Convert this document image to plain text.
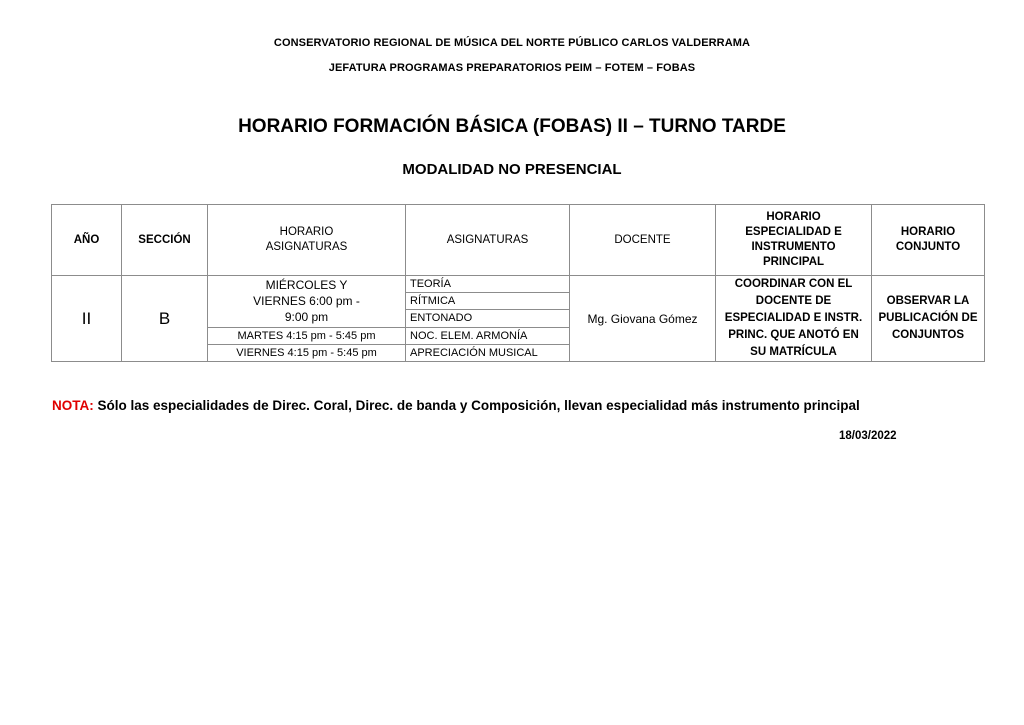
CONSERVATORIO REGIONAL DE MÚSICA DEL NORTE PÚBLICO CARLOS VALDERRAMA
JEFATURA PROGRAMAS PREPARATORIOS PEIM – FOTEM – FOBAS
HORARIO FORMACIÓN BÁSICA (FOBAS) II – TURNO TARDE
MODALIDAD NO PRESENCIAL
AÑO	SECCIÓN	HORARIO ASIGNATURAS	ASIGNATURAS	DOCENTE	HORARIO ESPECIALIDAD E INSTRUMENTO PRINCIPAL	HORARIO CONJUNTO

II	B	MIÉRCOLES Y VIERNES 6:00 pm - 9:00 pm	TEORÍA	Mg. Giovana Gómez	COORDINAR CON EL DOCENTE DE ESPECIALIDAD E INSTR. PRINC. QUE ANOTÓ EN SU MATRÍCULA	OBSERVAR LA PUBLICACIÓN DE CONJUNTOS

			RÍTMICA			
			ENTONADO			
		MARTES 4:15 pm - 5:45 pm	NOC. ELEM. ARMONÍA			
		VIERNES 4:15 pm - 5:45 pm	APRECIACIÓN MUSICAL			
NOTA: Sólo las especialidades de Direc. Coral, Direc. de banda y Composición, llevan especialidad más instrumento principal
18/03/2022
